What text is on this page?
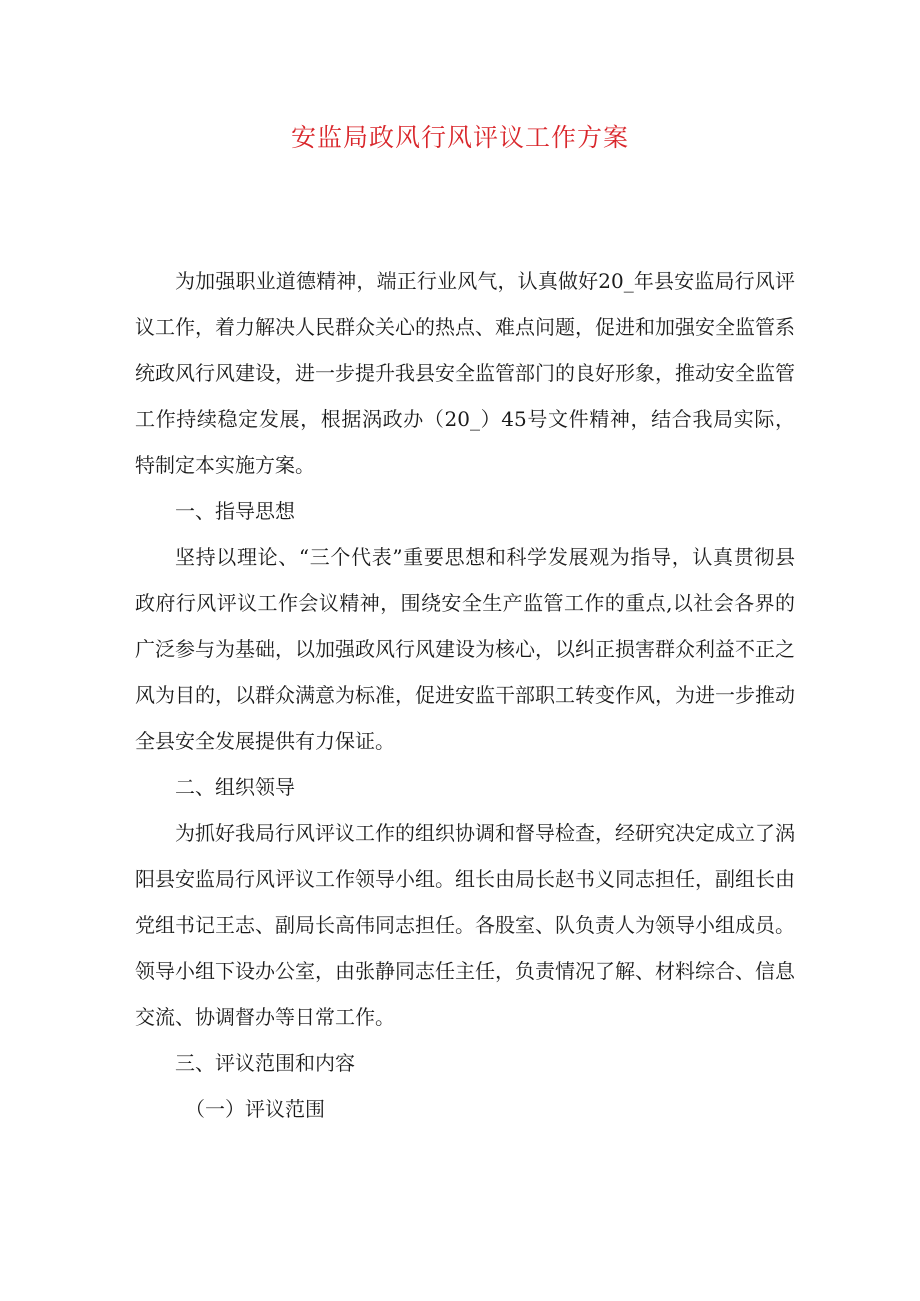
安监局政风行风评议工作方案

为加强职业道德精神，端正行业风气，认真做好20_年县安监局行风评议工作，着力解决人民群众关心的热点、难点问题，促进和加强安全监管系统政风行风建设，进一步提升我县安全监管部门的良好形象，推动安全监管工作持续稳定发展，根据涡政办（20_）45号文件精神，结合我局实际，特制定本实施方案。

一、指导思想

坚持以理论、“三个代表”重要思想和科学发展观为指导，认真贯彻县政府行风评议工作会议精神，围绕安全生产监管工作的重点,以社会各界的广泛参与为基础，以加强政风行风建设为核心，以纠正损害群众利益不正之风为目的，以群众满意为标准，促进安监干部职工转变作风，为进一步推动全县安全发展提供有力保证。

二、组织领导

为抓好我局行风评议工作的组织协调和督导检查，经研究决定成立了涡阳县安监局行风评议工作领导小组。组长由局长赵书义同志担任，副组长由党组书记王志、副局长高伟同志担任。各股室、队负责人为领导小组成员。领导小组下设办公室，由张静同志任主任，负责情况了解、材料综合、信息交流、协调督办等日常工作。

三、评议范围和内容

（一）评议范围
